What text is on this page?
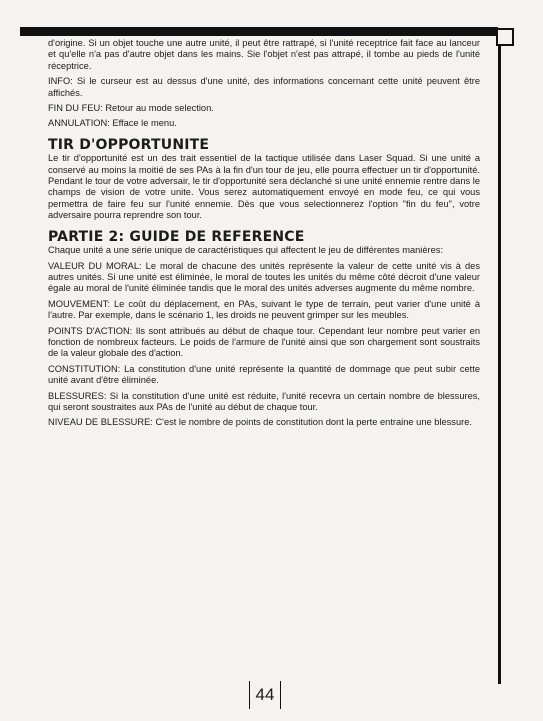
d'origine. Si un objet touche une autre unité, il peut être rattrapé, si l'unité receptrice fait face au lanceur et qu'elle n'a pas d'autre objet dans les mains. Sie l'objet n'est pas attrapé, il tombe au pieds de l'unité réceptrice.

INFO: Si le curseur est au dessus d'une unité, des informations concernant cette unité peuvent être affichés.

FIN DU FEU: Retour au mode selection.

ANNULATION: Efface le menu.

TIR D'OPPORTUNITE

Le tir d'opportunité est un des trait essentiel de la tactique utilisée dans Laser Squad. Si une unité a conservé au moins la moitié de ses PAs à la fin d'un tour de jeu, elle pourra effectuer un tir d'opportunité. Pendant le tour de votre adversair, le tir d'opportunité sera déclanché si une unité ennemie rentre dans le champs de vision de votre unite. Vous serez automatiquement envoyé en mode feu, ce qui vous permettra de faire feu sur l'unité ennemie. Dès que vous selectionnerez l'option "fin du feu", votre adversaire pourra reprendre son tour.

PARTIE 2: GUIDE DE REFERENCE

Chaque unité a une série unique de caractéristiques qui affectent le jeu de différentes manières:

VALEUR DU MORAL: Le moral de chacune des unités représente la valeur de cette unité vis à des autres unités. Si une unité est éliminée, le moral de toutes les unités du même côté décroit d'une valeur égale au moral de l'unité éliminée tandis que le moral des unités adverses augmente du même nombre.

MOUVEMENT: Le coût du déplacement, en PAs, suivant le type de terrain, peut varier d'une unité à l'autre. Par exemple, dans le scénario 1, les droids ne peuvent grimper sur les meubles.

POINTS D'ACTION: Ils sont attribués au début de chaque tour. Cependant leur nombre peut varier en fonction de nombreux facteurs. Le poids de l'armure de l'unité ainsi que son chargement sont soustraits de la valeur globale des d'action.

CONSTITUTION: La constitution d'une unité représente la quantité de dommage que peut subir cette unité avant d'être éliminée.

BLESSURES: Si la constitution d'une unité est réduite, l'unité recevra un certain nombre de blessures, qui seront soustraites aux PAs de l'unité au début de chaque tour.

NIVEAU DE BLESSURE: C'est le nombre de points de constitution dont la perte entraine une blessure.

44
